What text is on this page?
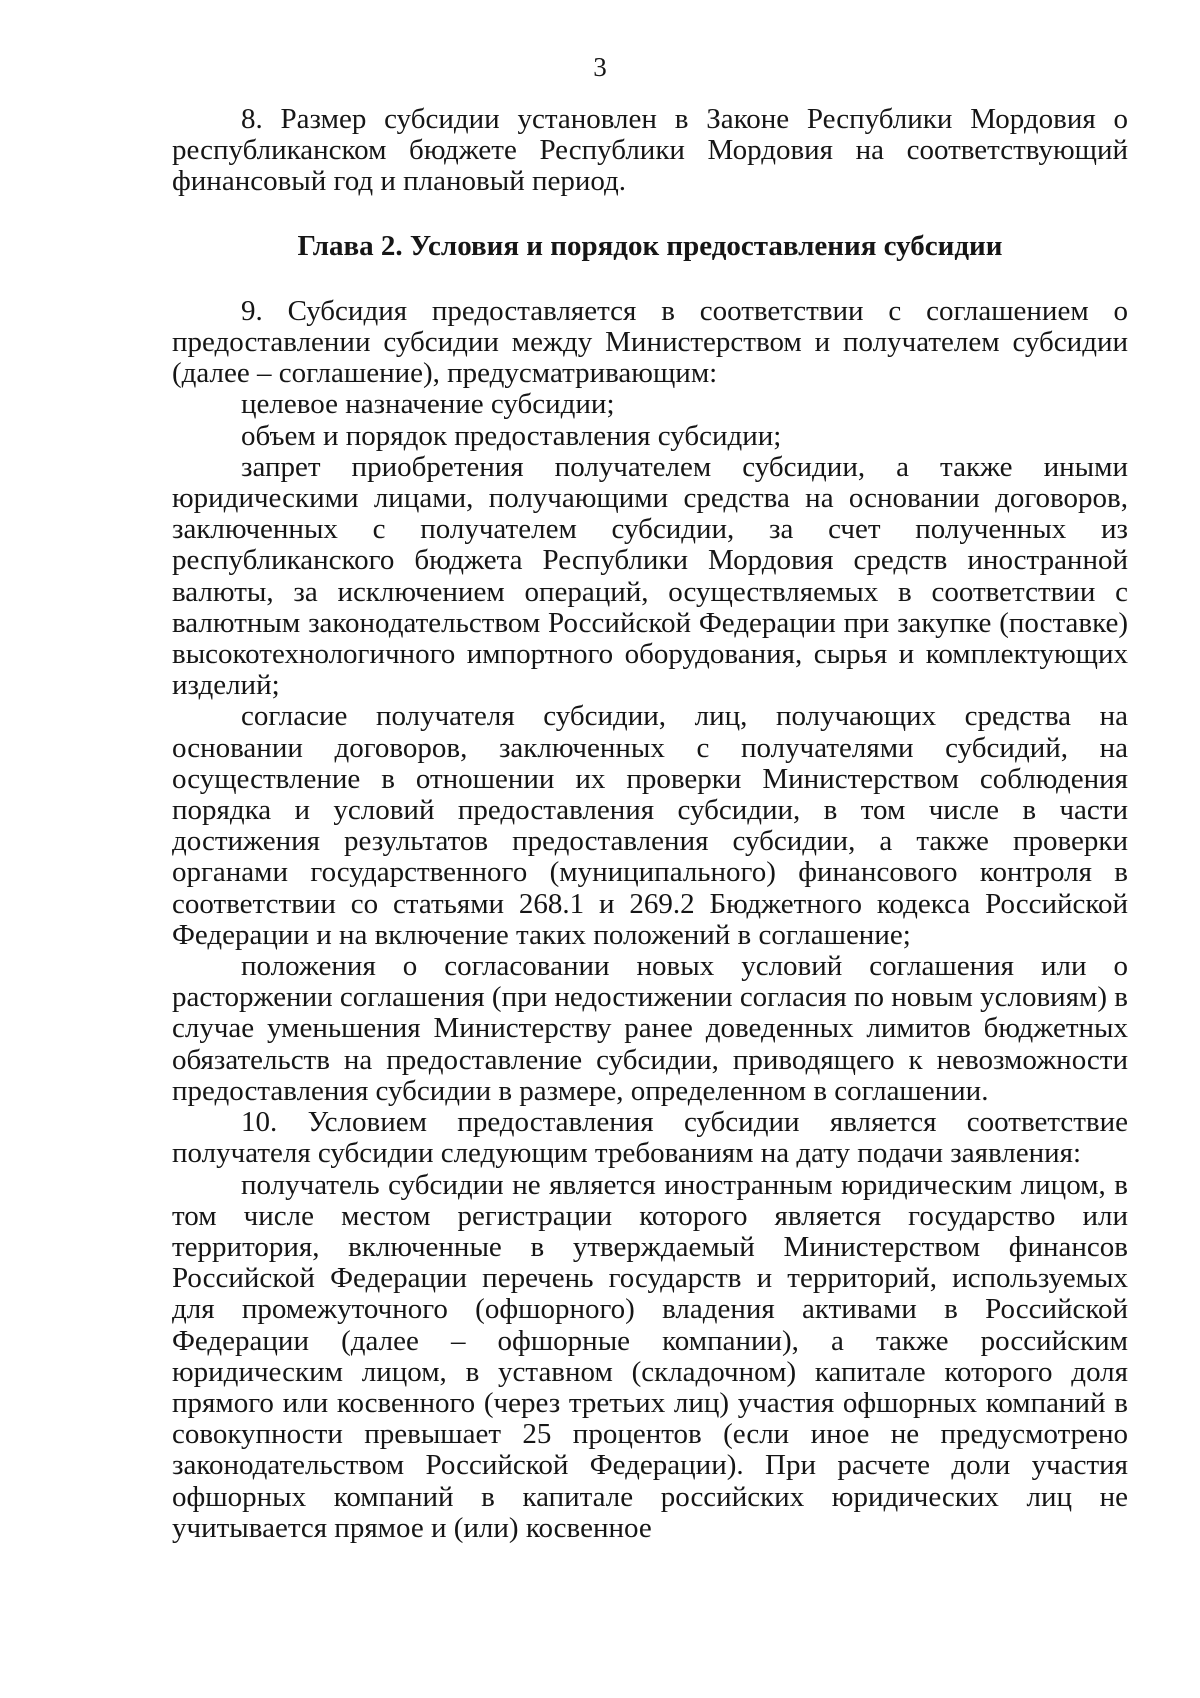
3

8. Размер субсидии установлен в Законе Республики Мордовия о республиканском бюджете Республики Мордовия на соответствующий финансовый год и плановый период.

Глава 2. Условия и порядок предоставления субсидии

9. Субсидия предоставляется в соответствии с соглашением о предоставлении субсидии между Министерством и получателем субсидии (далее – соглашение), предусматривающим:

целевое назначение субсидии;

объем и порядок предоставления субсидии;

запрет приобретения получателем субсидии, а также иными юридическими лицами, получающими средства на основании договоров, заключенных с получателем субсидии, за счет полученных из республиканского бюджета Республики Мордовия средств иностранной валюты, за исключением операций, осуществляемых в соответствии с валютным законодательством Российской Федерации при закупке (поставке) высокотехнологичного импортного оборудования, сырья и комплектующих изделий;

согласие получателя субсидии, лиц, получающих средства на основании договоров, заключенных с получателями субсидий, на осуществление в отношении их проверки Министерством соблюдения порядка и условий предоставления субсидии, в том числе в части достижения результатов предоставления субсидии, а также проверки органами государственного (муниципального) финансового контроля в соответствии со статьями 268.1 и 269.2 Бюджетного кодекса Российской Федерации и на включение таких положений в соглашение;

положения о согласовании новых условий соглашения или о расторжении соглашения (при недостижении согласия по новым условиям) в случае уменьшения Министерству ранее доведенных лимитов бюджетных обязательств на предоставление субсидии, приводящего к невозможности предоставления субсидии в размере, определенном в соглашении.

10. Условием предоставления субсидии является соответствие получателя субсидии следующим требованиям на дату подачи заявления:

получатель субсидии не является иностранным юридическим лицом, в том числе местом регистрации которого является государство или территория, включенные в утверждаемый Министерством финансов Российской Федерации перечень государств и территорий, используемых для промежуточного (офшорного) владения активами в Российской Федерации (далее – офшорные компании), а также российским юридическим лицом, в уставном (складочном) капитале которого доля прямого или косвенного (через третьих лиц) участия офшорных компаний в совокупности превышает 25 процентов (если иное не предусмотрено законодательством Российской Федерации). При расчете доли участия офшорных компаний в капитале российских юридических лиц не учитывается прямое и (или) косвенное
